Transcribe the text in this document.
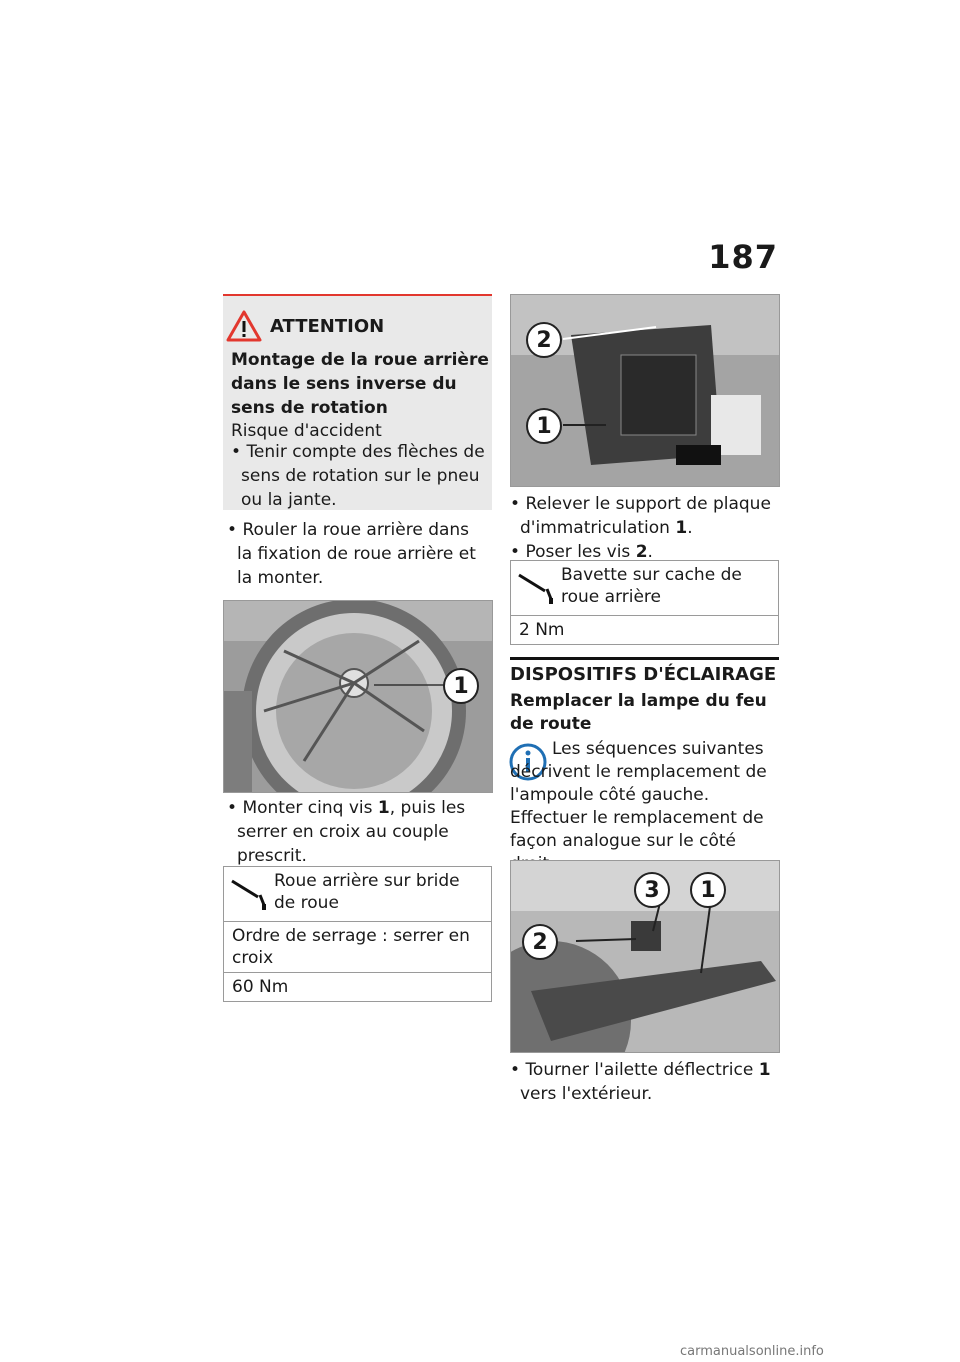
187
ATTENTION
Montage de la roue arrière dans le sens inverse du sens de rotation
Risque d'accident
• Tenir compte des flèches de sens de rotation sur le pneu ou la jante.
• Rouler la roue arrière dans la fixation de roue arrière et la monter.
1
• Monter cinq vis 1, puis les serrer en croix au couple prescrit.
Roue arrière sur bride de roue
Ordre de serrage : serrer en croix
60 Nm
2
1
• Relever le support de plaque d'immatriculation 1.
• Poser les vis 2.
Bavette sur cache de roue arrière
2 Nm
DISPOSITIFS D'ÉCLAIRAGE
Remplacer la lampe du feu de route
Les séquences suivantes décrivent le remplacement de l'ampoule côté gauche. Effectuer le remplacement de façon analogue sur le côté
3	1
2
• Tourner l'ailette déflectrice 1 vers l'extérieur.
carmanualsonline.info
